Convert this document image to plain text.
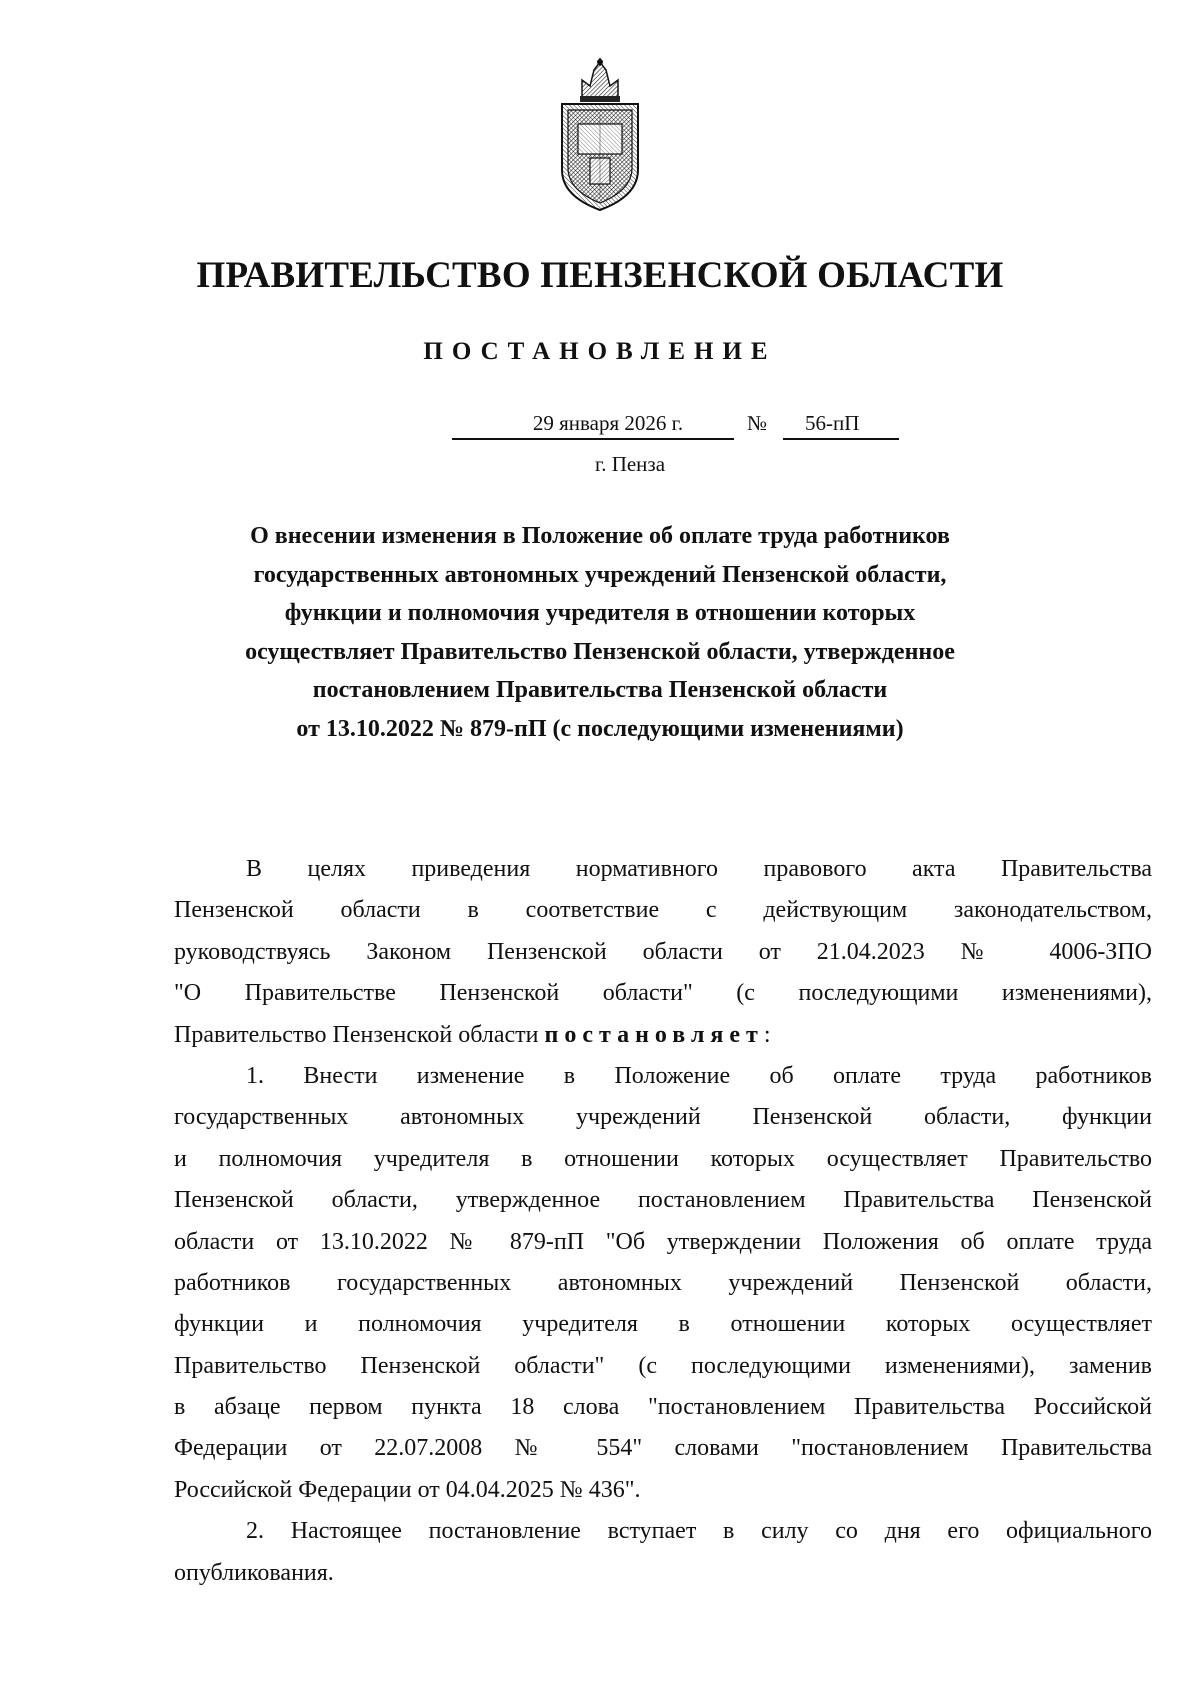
ПРАВИТЕЛЬСТВО ПЕНЗЕНСКОЙ ОБЛАСТИ
ПОСТАНОВЛЕНИЕ
29 января 2026 г.	№	56-пП
г. Пенза
О внесении изменения в Положение об оплате труда работников
государственных автономных учреждений Пензенской области,
функции и полномочия учредителя в отношении которых
осуществляет Правительство Пензенской области, утвержденное
постановлением Правительства Пензенской области
от 13.10.2022 № 879-пП (с последующими изменениями)
В целях приведения нормативного правового акта Правительства
Пензенской области в соответствие с действующим законодательством,
руководствуясь Законом Пензенской области от 21.04.2023 № 4006-ЗПО
"О Правительстве Пензенской области" (с последующими изменениями),
Правительство Пензенской области постановляет:
1. Внести изменение в Положение об оплате труда работников
государственных автономных учреждений Пензенской области, функции
и полномочия учредителя в отношении которых осуществляет Правительство
Пензенской области, утвержденное постановлением Правительства Пензенской
области от 13.10.2022 № 879-пП "Об утверждении Положения об оплате труда
работников государственных автономных учреждений Пензенской области,
функции и полномочия учредителя в отношении которых осуществляет
Правительство Пензенской области" (с последующими изменениями), заменив
в абзаце первом пункта 18 слова "постановлением Правительства Российской
Федерации от 22.07.2008 № 554" словами "постановлением Правительства
Российской Федерации от 04.04.2025 № 436".
2. Настоящее постановление вступает в силу со дня его официального
опубликования.
